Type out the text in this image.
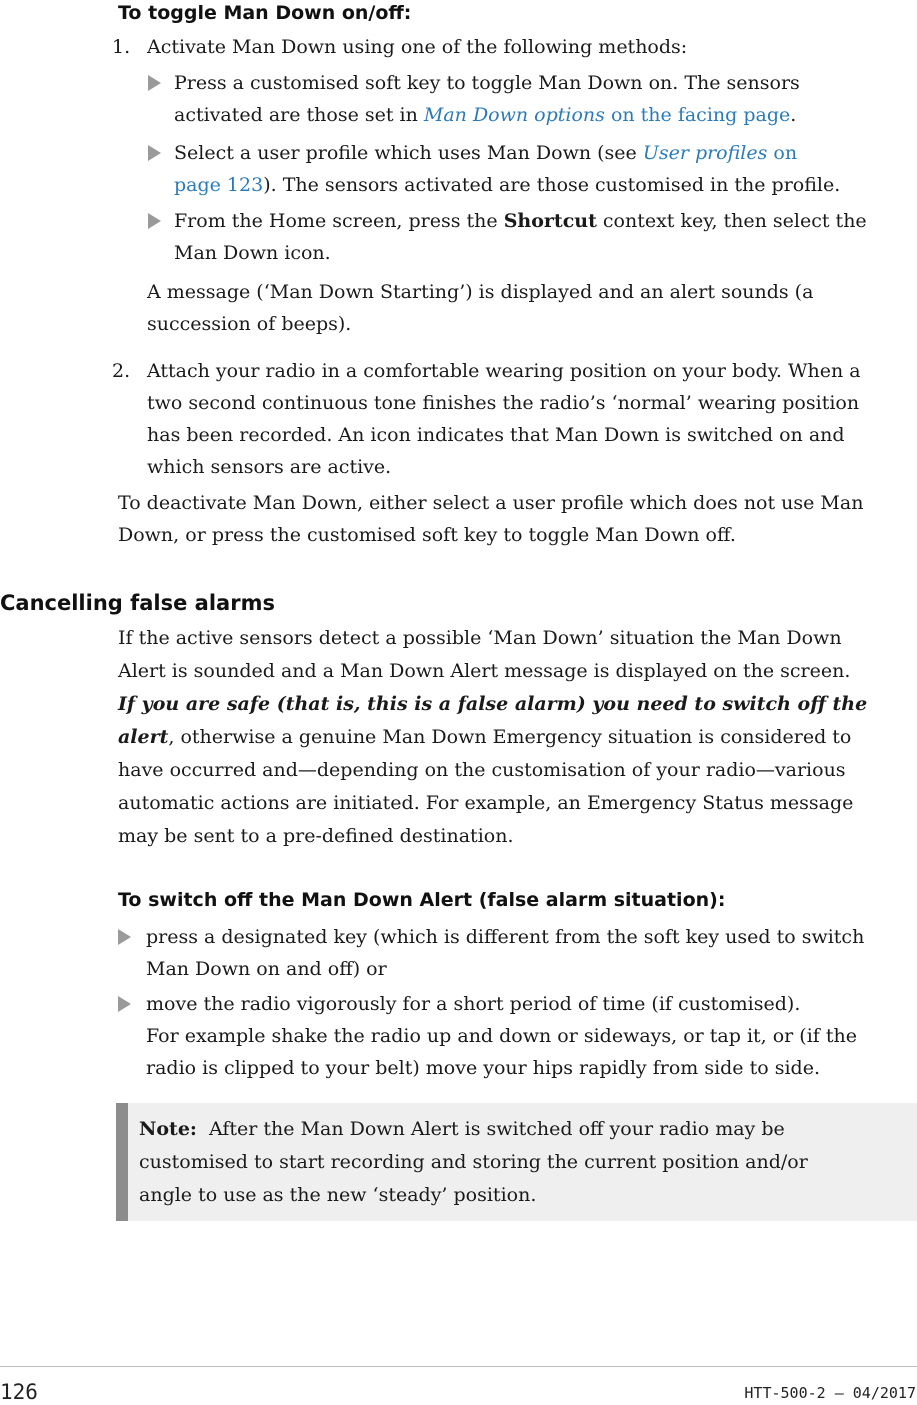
To toggle Man Down on/off:
1. Activate Man Down using one of the following methods:
Press a customised soft key to toggle Man Down on. The sensors
activated are those set in Man Down options on the facing page.
Select a user profile which uses Man Down (see User profiles on
page 123). The sensors activated are those customised in the profile.
From the Home screen, press the Shortcut context key, then select the
Man Down icon.
A message (‘Man Down Starting’) is displayed and an alert sounds (a
succession of beeps).
2. Attach your radio in a comfortable wearing position on your body. When a
two second continuous tone finishes the radio’s ‘normal’ wearing position
has been recorded. An icon indicates that Man Down is switched on and
which sensors are active.
To deactivate Man Down, either select a user profile which does not use Man
Down, or press the customised soft key to toggle Man Down off.
Cancelling false alarms
If the active sensors detect a possible ‘Man Down’ situation the Man Down
Alert is sounded and a Man Down Alert message is displayed on the screen.
If you are safe (that is, this is a false alarm) you need to switch off the
alert, otherwise a genuine Man Down Emergency situation is considered to
have occurred and—depending on the customisation of your radio—various
automatic actions are initiated. For example, an Emergency Status message
may be sent to a pre-defined destination.
To switch off the Man Down Alert (false alarm situation):
press a designated key (which is different from the soft key used to switch
Man Down on and off) or
move the radio vigorously for a short period of time (if customised).
For example shake the radio up and down or sideways, or tap it, or (if the
radio is clipped to your belt) move your hips rapidly from side to side.
Note:  After the Man Down Alert is switched off your radio may be
customised to start recording and storing the current position and/or
angle to use as the new ‘steady’ position.
126	HTT-500-2 – 04/2017
